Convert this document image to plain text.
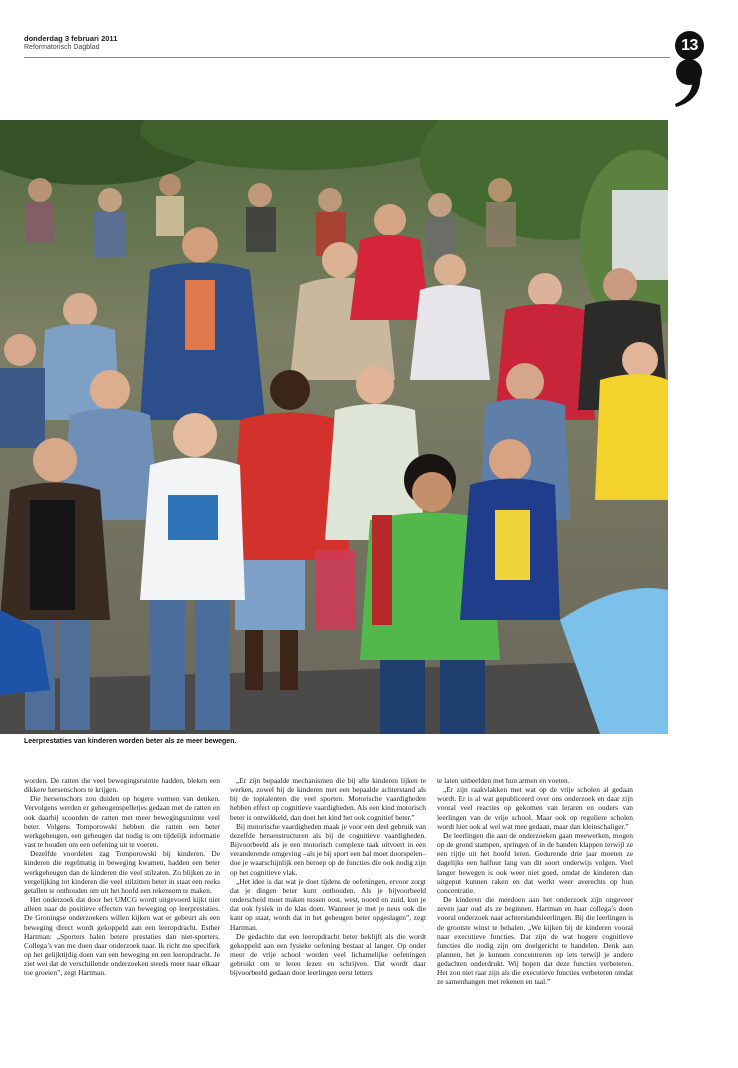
donderdag 3 februari 2011
Reformatorisch Dagblad	13
Leerprestaties van kinderen worden beter als ze meer bewegen.

worden. De ratten die veel bewegingsruimte hadden, bleken een dikkere hersenschors te krijgen.

Die hersenschors zou duiden op hogere vormen van denken. Vervolgens werden er geheugenspelletjes gedaan met de ratten en ook daarbij scoorden de ratten met meer bewegingsruimte veel beter. Volgens Tomporowski hebben die ratten een beter werkgeheugen, een geheugen dat nodig is om tijdelijk informatie vast te houden om een oefening uit te voeren.

Dezelfde voordelen zag Tomporowski bij kinderen. De kinderen die regelmatig in beweging kwamen, hadden een beter werkgeheugen dan de kinderen die veel stilzaten. Zo blijken ze in vergelijking tot kinderen die veel stilzitten beter in staat een reeks getallen te onthouden om uit het hoofd een rekensom te maken.

Het onderzoek dat door het UMCG wordt uitgevoerd kijkt niet alleen naar de positieve effecten van beweging op leerprestaties. De Groningse onderzoekers willen kijken wat er gebeurt als een beweging direct wordt gekoppeld aan een leeropdracht. Esther Hartman: „Sporters halen betere prestaties dan niet-sporters. Collega’s van me doen daar onderzoek naar. Ik richt me specifiek op het gelijktijdig doen van een beweging en een leeropdracht. Je ziet wel dat de verschillende onderzoeken steeds meer naar elkaar toe groeien”, zegt Hartman.

„Er zijn bepaalde mechanismen die bij alle kinderen lijken te werken, zowel bij de kinderen met een bepaalde achterstand als bij de toptalenten die veel sporten. Motorische vaardigheden hebben effect op cognitieve vaardigheden. Als een kind motorisch beter is ontwikkeld, dan doet het kind het ook cognitief beter.”

Bij motorische vaardigheden maak je voor een deel gebruik van dezelfde hersenstructuren als bij de cognitieve vaardigheden. Bijvoorbeeld als je een motorisch complexe taak uitvoert in een veranderende omgeving –als je bij sport een bal moet doorspelen– doe je waarschijnlijk een beroep op de functies die ook nodig zijn op het cognitieve vlak.

„Het idee is dat wat je doet tijdens de oefeningen, ervoor zorgt dat je dingen beter kunt onthouden. Als je bijvoorbeeld onderscheid moet maken tussen oost, west, noord en zuid, kun je dat ook fysiek in de klas doen. Wanneer je met je neus ook die kant op staat, wordt dat in het geheugen beter opgeslagen”, zegt Hartman.

De gedachte dat een leeropdracht beter beklijft als die wordt gekoppeld aan een fysieke oefening bestaat al langer. Op onder meer de vrije school worden veel lichamelijke oefeningen gebruikt om te leren lezen en schrijven. Dat wordt daar bijvoorbeeld gedaan door leerlingen eerst letters

te laten uitbeelden met hun armen en voeten.

„Er zijn raakvlakken met wat op de vrije scholen al gedaan wordt. Er is al wat gepubliceerd over ons onderzoek en daar zijn vooral veel reacties op gekomen van leraren en ouders van leerlingen van de vrije school. Maar ook op reguliere scholen wordt hier ook al wel wat mee gedaan, maar dan kleinschaliger.”

De leerlingen die aan de onderzoeken gaan meewerken, mogen op de grond stampen, springen of in de handen klappen terwijl ze een rijtje uit het hoofd leren. Gedurende drie jaar moeten ze dagelijks een halfuur lang van dit soort onderwijs volgen. Veel langer bewegen is ook weer niet goed, omdat de kinderen dan uitgeput kunnen raken en dat werkt weer averechts op hun concentratie.

De kinderen die meedoen aan het onderzoek zijn ongeveer zeven jaar oud als ze beginnen. Hartman en haar collega’s doen vooral onderzoek naar achterstandsleerlingen. Bij die leerlingen is de grootste winst te behalen. „We kijken bij de kinderen vooral naar executieve functies. Dat zijn de wat hogere cognitieve functies die nodig zijn om doelgericht te handelen. Denk aan plannen, het je kunnen concentreren op iets terwijl je andere gedachten onderdrukt. Wij hopen dat deze functies verbeteren. Het zou niet raar zijn als die executieve functies verbeteren omdat ze samenhangen met rekenen en taal.”
